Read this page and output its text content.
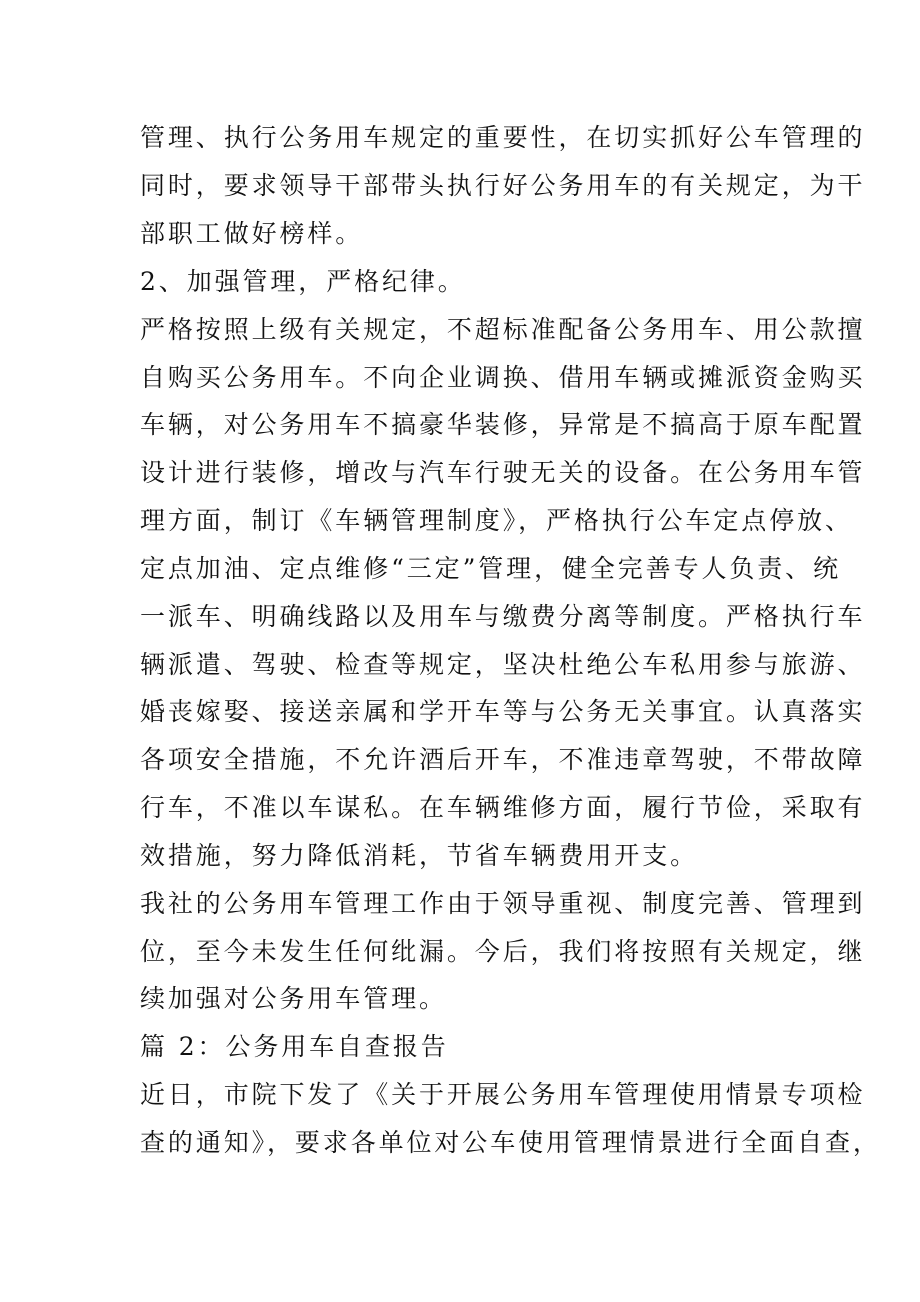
管理、执行公务用车规定的重要性，在切实抓好公车管理的
同时，要求领导干部带头执行好公务用车的有关规定，为干
部职工做好榜样。
2、加强管理，严格纪律。
严格按照上级有关规定，不超标准配备公务用车、用公款擅
自购买公务用车。不向企业调换、借用车辆或摊派资金购买
车辆，对公务用车不搞豪华装修，异常是不搞高于原车配置
设计进行装修，增改与汽车行驶无关的设备。在公务用车管
理方面，制订《车辆管理制度》，严格执行公车定点停放、
定点加油、定点维修“三定”管理，健全完善专人负责、统
一派车、明确线路以及用车与缴费分离等制度。严格执行车
辆派遣、驾驶、检查等规定，坚决杜绝公车私用参与旅游、
婚丧嫁娶、接送亲属和学开车等与公务无关事宜。认真落实
各项安全措施，不允许酒后开车，不准违章驾驶，不带故障
行车，不准以车谋私。在车辆维修方面，履行节俭，采取有
效措施，努力降低消耗，节省车辆费用开支。
我社的公务用车管理工作由于领导重视、制度完善、管理到
位，至今未发生任何纰漏。今后，我们将按照有关规定，继
续加强对公务用车管理。
篇 2：公务用车自查报告
近日，市院下发了《关于开展公务用车管理使用情景专项检
查的通知》，要求各单位对公车使用管理情景进行全面自查，
